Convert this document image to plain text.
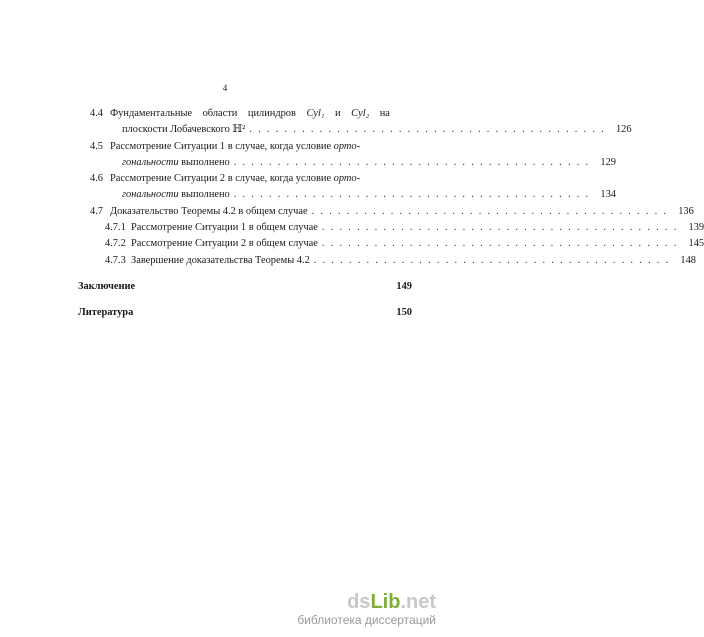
4
4.4 Фундаментальные области цилиндров Cyl₁ и Cyl₂ на
плоскости Лобачевского ℍ² . . . . . . . . . . . . . . . . . . . . . . . . . . . . . . . . . . . . . . . . .	126
4.5 Рассмотрение Ситуации 1 в случае, когда условие орто-
гональности выполнено . . . . . . . . . . . . . . . . . . . . . . . . . . . . . . . . . . . . . . . . .	129
4.6 Рассмотрение Ситуации 2 в случае, когда условие орто-
гональности выполнено . . . . . . . . . . . . . . . . . . . . . . . . . . . . . . . . . . . . . . . . .	134
4.7 Доказательство Теоремы 4.2 в общем случае . . . . . . . . . . . . . . . . . . . . . . . . . . . . . . . . . . . . . . . . .	136
4.7.1 Рассмотрение Ситуации 1 в общем случае . . . . . . . . . . . . . . . . . . . . . . . . . . . . . . . . . . . . . . . . .	139
4.7.2 Рассмотрение Ситуации 2 в общем случае . . . . . . . . . . . . . . . . . . . . . . . . . . . . . . . . . . . . . . . . .	145
4.7.3 Завершение доказательства Теоремы 4.2 . . . . . . . . . . . . . . . . . . . . . . . . . . . . . . . . . . . . . . . . .	148
Заключение	149
Литература	150
dsLib.net
библиотека диссертаций
